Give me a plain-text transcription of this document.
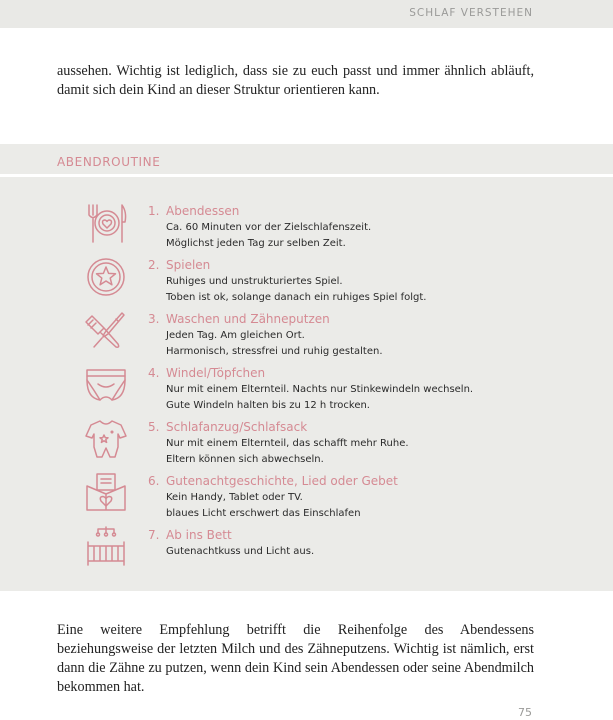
SCHLAF VERSTEHEN

aussehen. Wichtig ist lediglich, dass sie zu euch passt und immer ähnlich abläuft, damit sich dein Kind an dieser Struktur orientieren kann.

ABENDROUTINE
1. Abendessen
Ca. 60 Minuten vor der Zielschlafenszeit.
Möglichst jeden Tag zur selben Zeit.
2. Spielen
Ruhiges und unstrukturiertes Spiel.
Toben ist ok, solange danach ein ruhiges Spiel folgt.
3. Waschen und Zähneputzen
Jeden Tag. Am gleichen Ort.
Harmonisch, stressfrei und ruhig gestalten.
4. Windel/Töpfchen
Nur mit einem Elternteil. Nachts nur Stinkewindeln wechseln.
Gute Windeln halten bis zu 12 h trocken.
5. Schlafanzug/Schlafsack
Nur mit einem Elternteil, das schafft mehr Ruhe.
Eltern können sich abwechseln.
6. Gutenachtgeschichte, Lied oder Gebet
Kein Handy, Tablet oder TV.
blaues Licht erschwert das Einschlafen
7. Ab ins Bett
Gutenachtkuss und Licht aus.

Eine weitere Empfehlung betrifft die Reihenfolge des Abendessens beziehungsweise der letzten Milch und des Zähneputzens. Wichtig ist nämlich, erst dann die Zähne zu putzen, wenn dein Kind sein Abendessen oder seine Abendmilch bekommen hat.

75
